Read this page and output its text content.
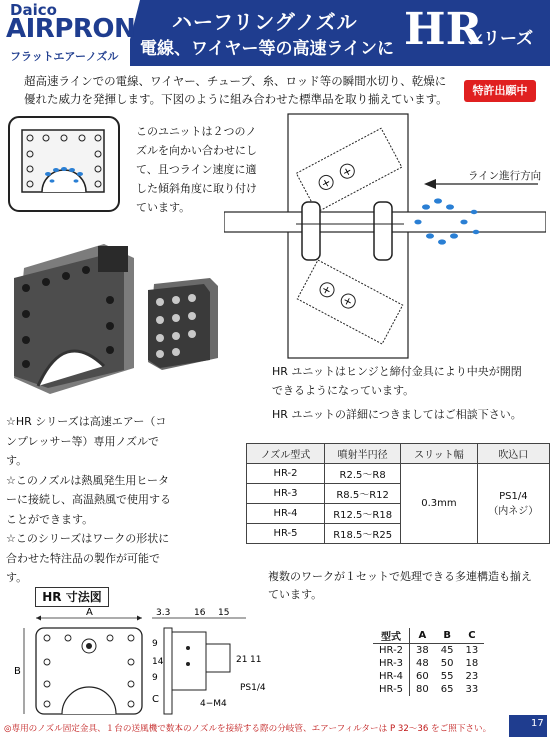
Daico
AIRPRON
フラットエアーノズル
ハーフリングノズル
電線、ワイヤー等の高速ラインに HR
シリーズ
超高速ラインでの電線、ワイヤー、チューブ、糸、ロッド等の瞬間水切り、乾燥に優れた威力を発揮します。下図のように組み合わせた標準品を取り揃えています。
特許出願中
このユニットは２つのノズルを向かい合わせにして、且つライン速度に適した傾斜角度に取り付けています。
+
+
+
+
ライン進行方向
HR ユニットはヒンジと締付金具により中央が開閉できるようになっています。
HR ユニットの詳細につきましてはご相談下さい。

☆HR シリーズは高速エアー（コンプレッサー等）専用ノズルです。

☆このノズルは熱風発生用ヒーターに接続し、高温熱風で使用することができます。

☆このシリーズはワークの形状に合わせた特注品の製作が可能です。

ノズル型式	噴射半円径	スリット幅	吹込口
HR-2	R2.5～R8	0.3mm	PS1/4
（内ネジ）

HR-3	R8.5～R12		
HR-4	R12.5～R18		
HR-5	R18.5～R25		
複数のワークが１セットで処理できる多連構造も揃えています。
HR 寸法図
A
B
3.3	16 15
9
14
9
C
21 11
4−M4
PS1/4
型式	A	B	C
HR-2	38	45	13
HR-3	48	50	18
HR-4	60	55	23
HR-5	80	65	33
◎専用のノズル固定金具、１台の送風機で数本のノズルを接続する際の分岐管、エアーフィルターは P 32〜36 をご照下さい。	17
